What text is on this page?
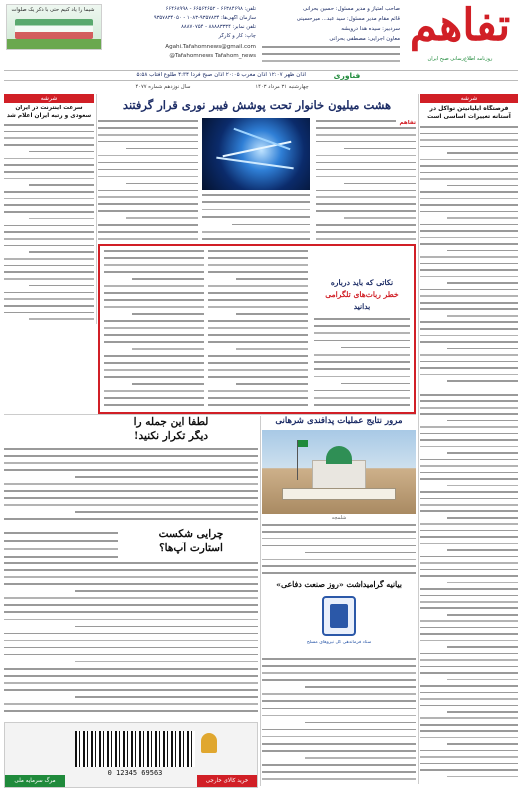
شیما را یاد کنیم حتی با ذکر یک صلوات	تلفن: ۶۶۳۸۴۶۹۸ - ۶۶۵۶۴۶۵۲ - ۶۶۴۶۸۹۹۸
سازمان آگهی‌ها: ۹۳۵۷۸۳۴-۱۰۸۳ - ۹۳۵۷۸۳۴۰۵۰
تلفن نمابر: ۸۸۸۸۳۳۳۴ - ۸۸۸۷۰۷۵۴
چاپ: کار و کارگر
Agahi.Tafahomnews@gmail.com
@Tafahomnews Tafahom_news
صاحب امتیاز و مدیر مسئول: حسین بحرانی
قائم مقام مدیر مسئول: سید عبد... میرحسینی
سردبیر: سیده هدا درویشه
معاون اجرایی: مصطفی بحرانی تفاهم
روزنامه اطلاع‌رسانی صبح ایران
اذان ظهر ۱۲:۰۷ اذان مغرب ۲۰:۰۵ اذان صبح فردا ۴:۳۴ طلوع آفتاب ۵:۵۸	فناوری
سال نوزدهم شماره ۴۰۷۷	چهارشنبه ۳۱ مرداد ۱۴۰۳
شرشه
فرصتگاه ایلیانیتن تواکل در آستانه تغییرات اساسی است
شرشه
سرعت اینترنت در ایران سعودی و رتبه ایران اعلام شد
هشت میلیون خانوار تحت پوشش فیبر نوری قرار گرفتند
تفاهم
نکاتی که باید درباره
خطر ربات‌های تلگرامی
بدانید
مرور نتایج عملیات پدافندی شرهانی
شلمچه
لطفا این جمله را
دیگر تکرار نکنید!
چرایی شکست
استارت آپ‌ها؟
بیانیه گرامیداشت «روز صنعت دفاعی»
ستاد فرماندهی کل نیروهای مسلح
0 12345 69563
مرگ سرمایه ملی	خرید کالای خارجی
